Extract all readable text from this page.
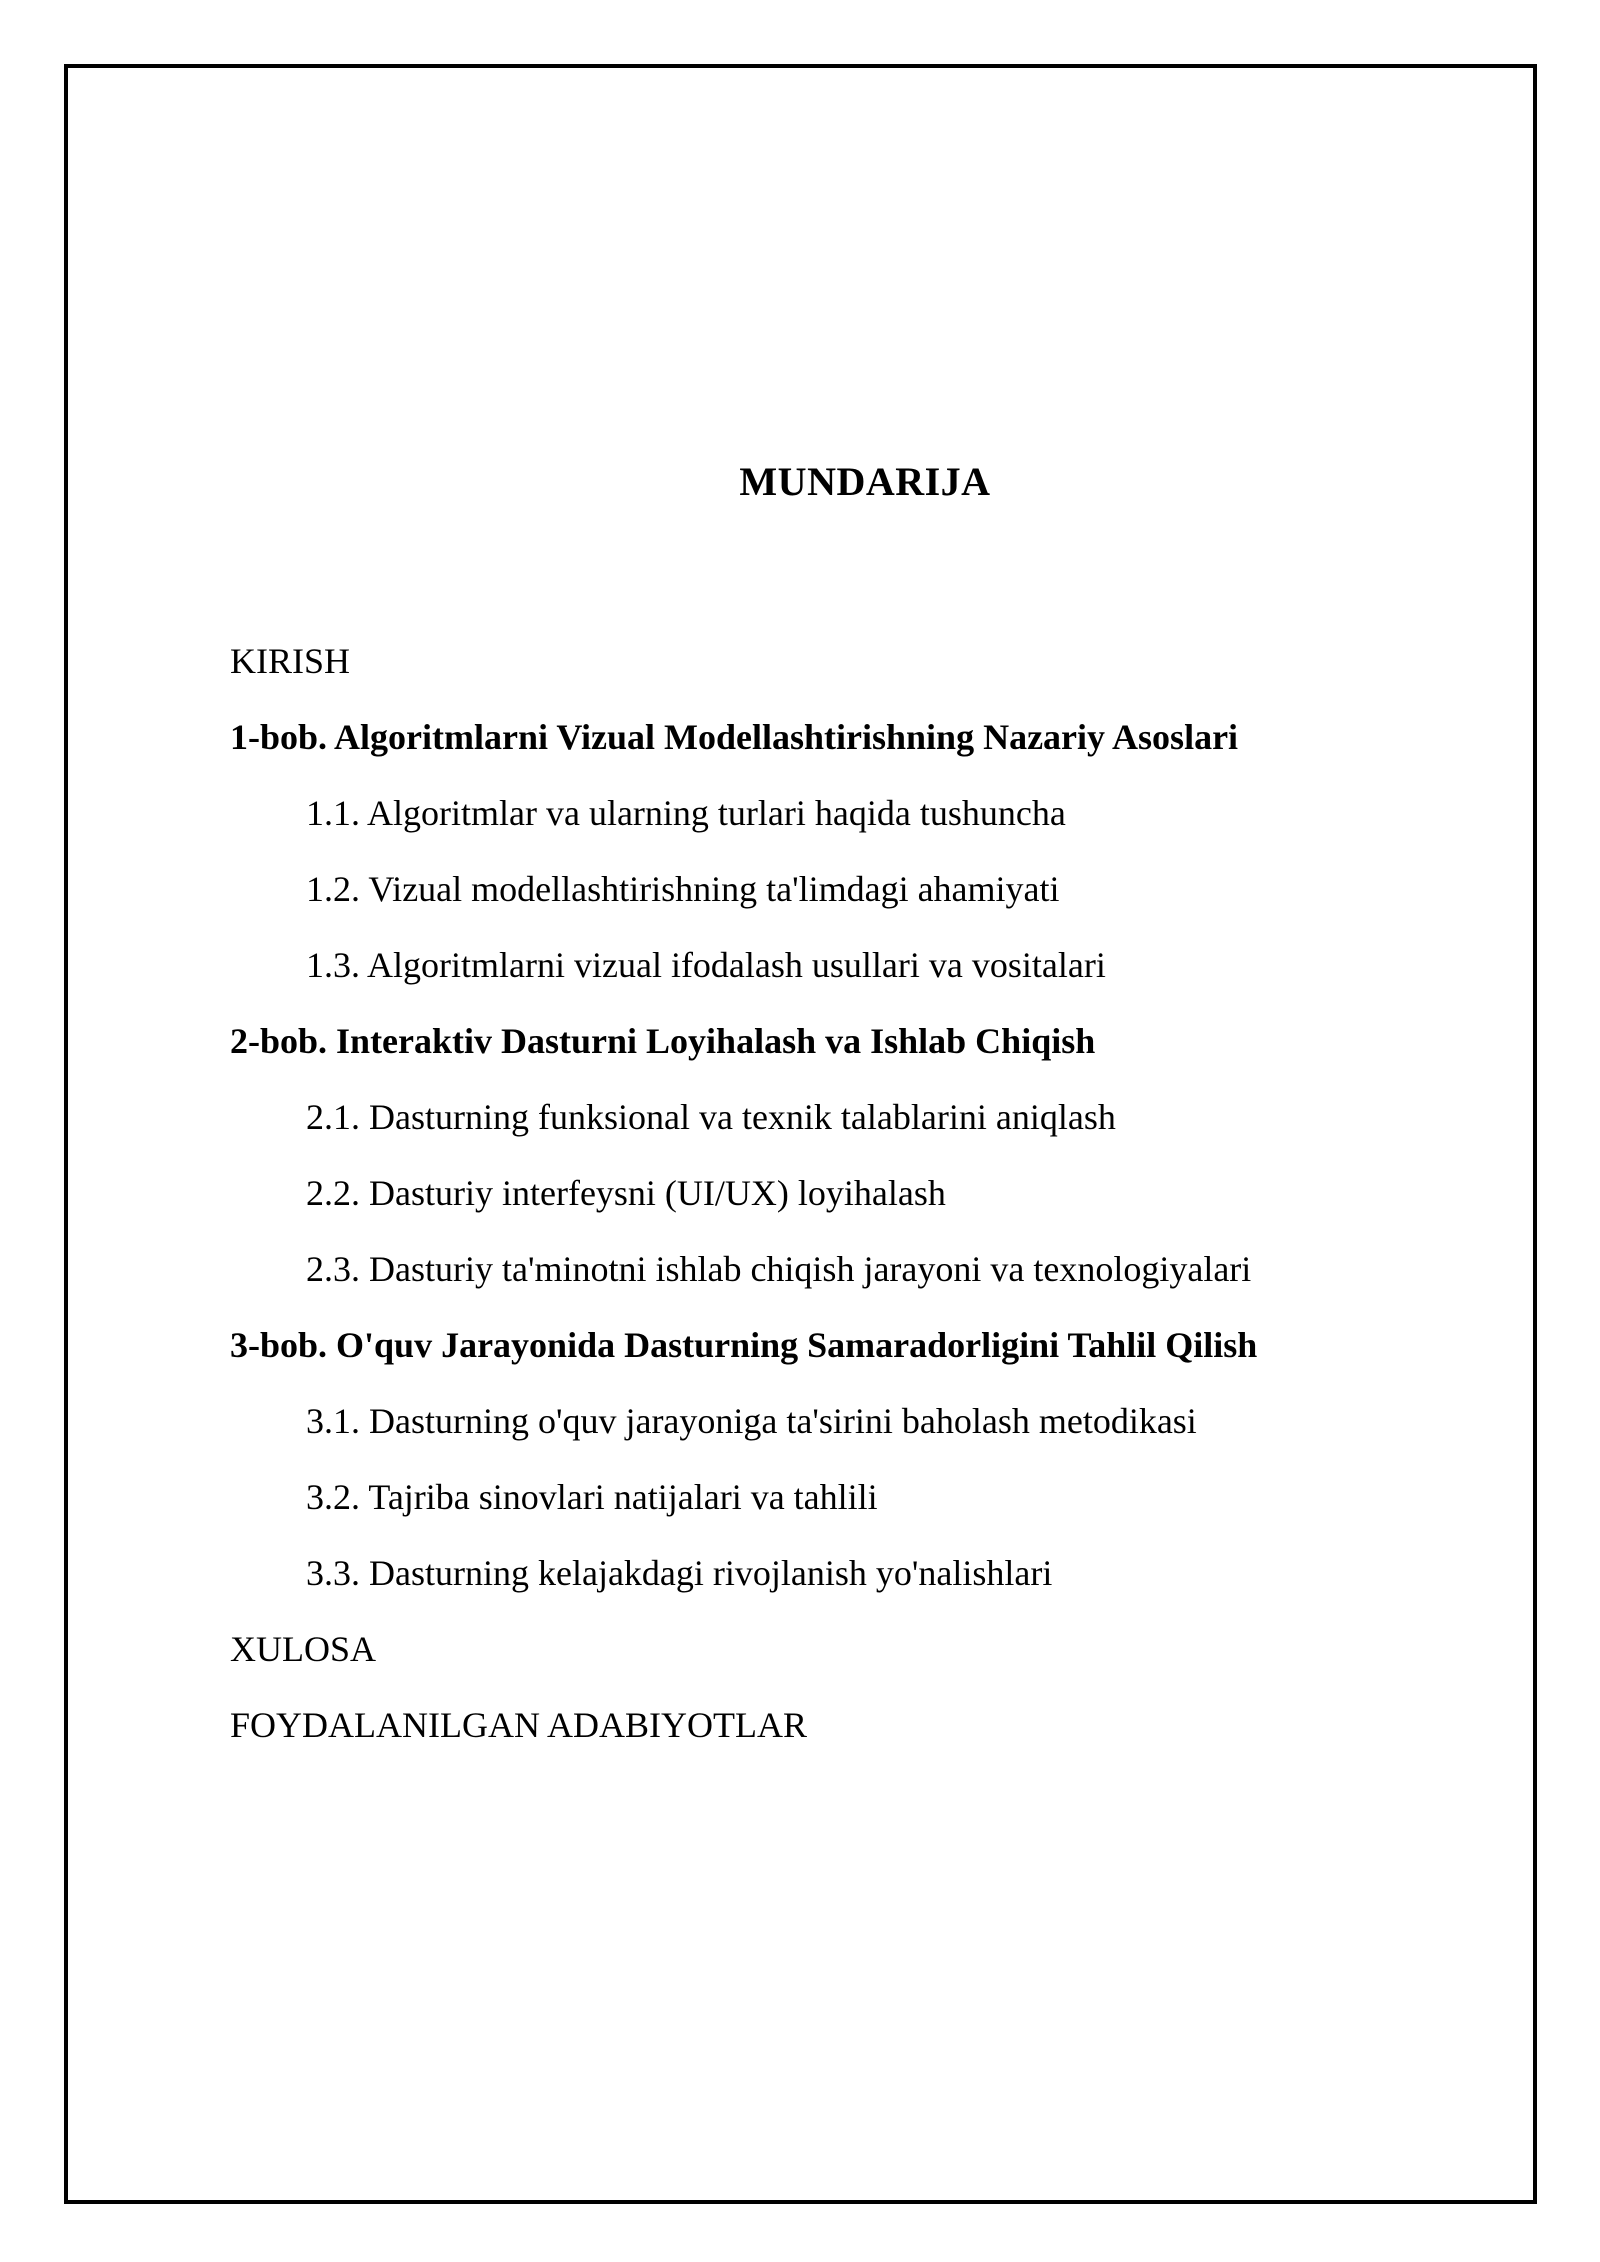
MUNDARIJA
KIRISH
1-bob. Algoritmlarni Vizual Modellashtirishning Nazariy Asoslari
1.1. Algoritmlar va ularning turlari haqida tushuncha
1.2. Vizual modellashtirishning ta'limdagi ahamiyati
1.3. Algoritmlarni vizual ifodalash usullari va vositalari
2-bob. Interaktiv Dasturni Loyihalash va Ishlab Chiqish
2.1. Dasturning funksional va texnik talablarini aniqlash
2.2. Dasturiy interfeysni (UI/UX) loyihalash
2.3. Dasturiy ta'minotni ishlab chiqish jarayoni va texnologiyalari
3-bob. O'quv Jarayonida Dasturning Samaradorligini Tahlil Qilish
3.1. Dasturning o'quv jarayoniga ta'sirini baholash metodikasi
3.2. Tajriba sinovlari natijalari va tahlili
3.3. Dasturning kelajakdagi rivojlanish yo'nalishlari
XULOSA
FOYDALANILGAN ADABIYOTLAR
